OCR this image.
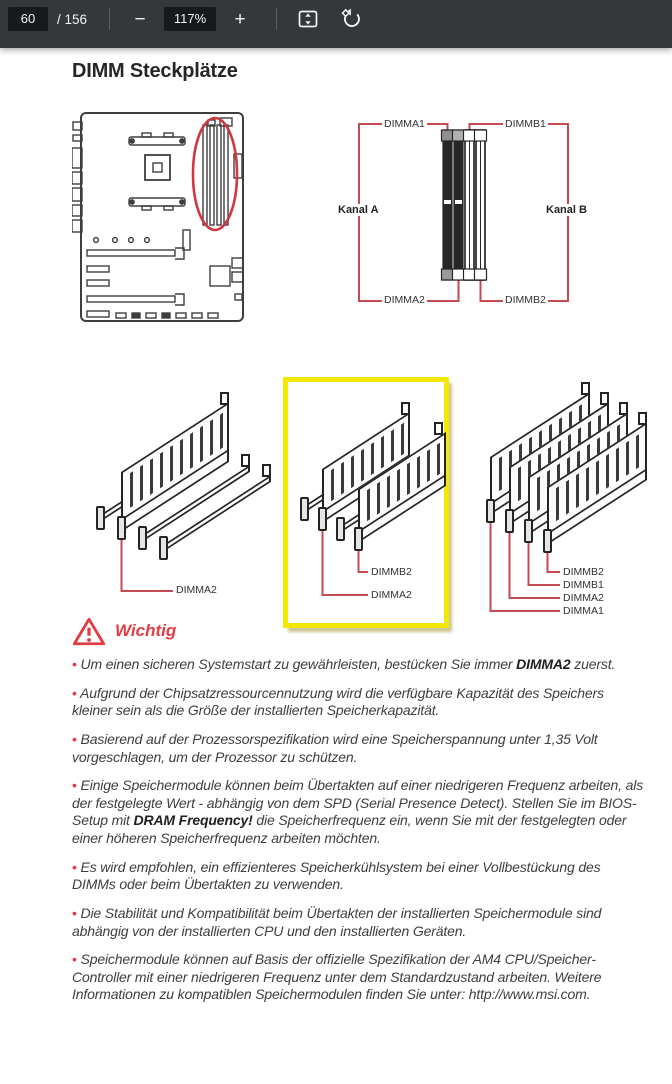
60
/ 156	−	117%	+
DIMM Steckplätze
DIMMA1	DIMMB1
DIMMA2	DIMMB2
Kanal A	Kanal B
DIMMA2
DIMMB2
DIMMA2
DIMMB2
DIMMB1
DIMMA2
DIMMA1
Wichtig

• Um einen sicheren Systemstart zu gewährleisten, bestücken Sie immer DIMMA2 zuerst.

• Aufgrund der Chipsatzressourcennutzung wird die verfügbare Kapazität des Speichers kleiner sein als die Größe der installierten Speicherkapazität.

• Basierend auf der Prozessorspezifikation wird eine Speicherspannung unter 1,35 Volt vorgeschlagen, um der Prozessor zu schützen.

• Einige Speichermodule können beim Übertakten auf einer niedrigeren Frequenz arbeiten, als der festgelegte Wert - abhängig von dem SPD (Serial Presence Detect). Stellen Sie im BIOS-Setup mit DRAM Frequency! die Speicherfrequenz ein, wenn Sie mit der festgelegten oder einer höheren Speicherfrequenz arbeiten möchten.

• Es wird empfohlen, ein effizienteres Speicherkühlsystem bei einer Vollbestückung des DIMMs oder beim Übertakten zu verwenden.

• Die Stabilität und Kompatibilität beim Übertakten der installierten Speichermodule sind abhängig von der installierten CPU und den installierten Geräten.

• Speichermodule können auf Basis der offizielle Spezifikation der AM4 CPU/Speicher-Controller mit einer niedrigeren Frequenz unter dem Standardzustand arbeiten. Weitere Informationen zu kompatiblen Speichermodulen finden Sie unter: http://www.msi.com.
